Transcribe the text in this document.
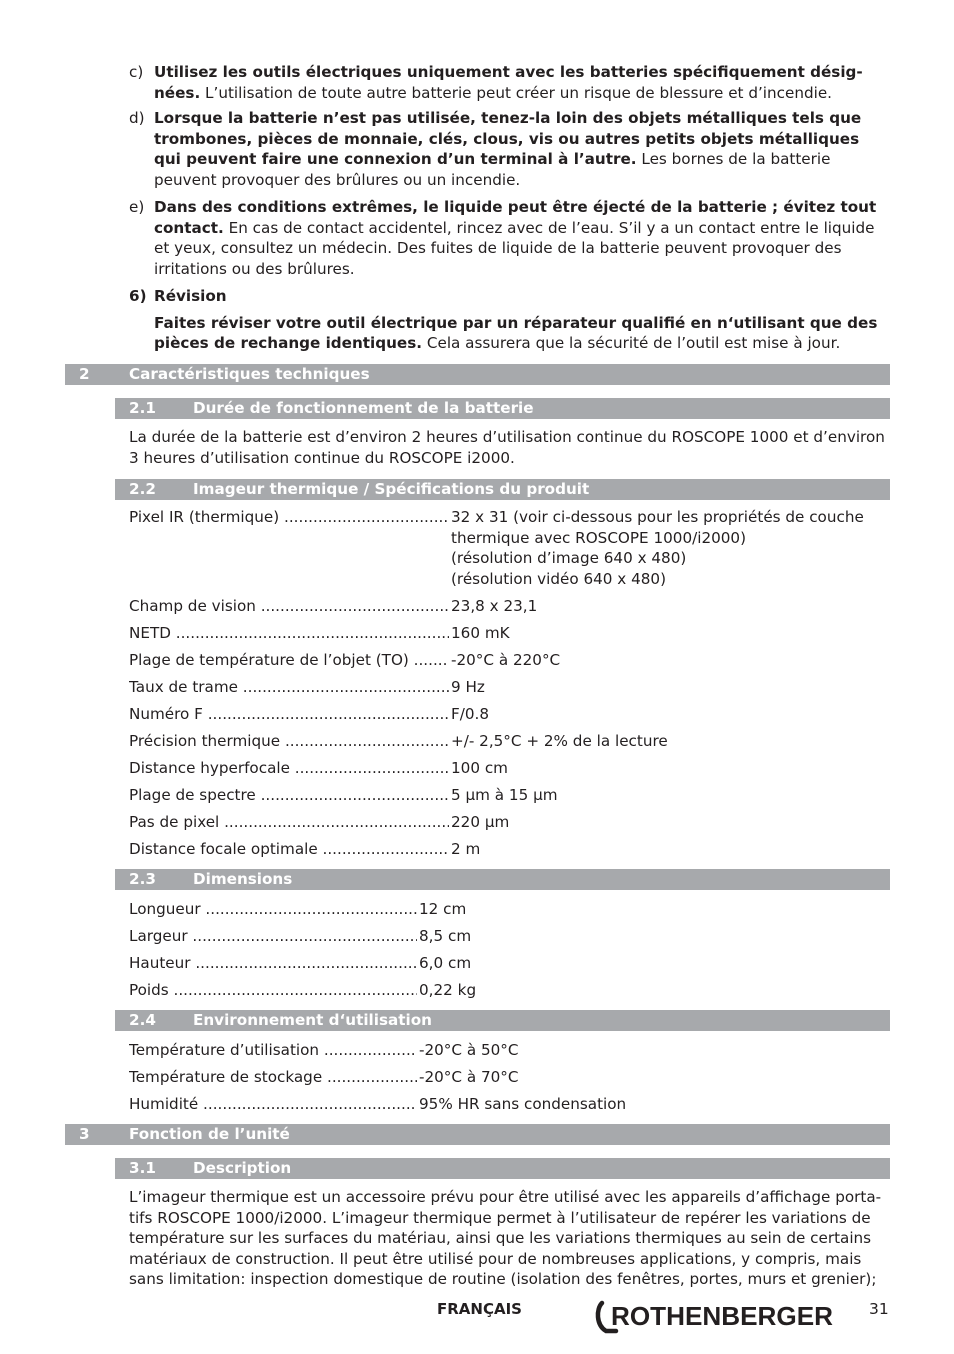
c) Utilisez les outils électriques uniquement avec les batteries spécifiquement désig-nées. L’utilisation de toute autre batterie peut créer un risque de blessure et d’incendie.
d) Lorsque la batterie n’est pas utilisée, tenez-la loin des objets métalliques tels que trombones, pièces de monnaie, clés, clous, vis ou autres petits objets métalliques qui peuvent faire une connexion d’un terminal à l’autre. Les bornes de la batterie peuvent provoquer des brûlures ou un incendie.
e) Dans des conditions extrêmes, le liquide peut être éjecté de la batterie ; évitez tout contact. En cas de contact accidentel, rincez avec de l’eau. S’il y a un contact entre le liquide et yeux, consultez un médecin. Des fuites de liquide de la batterie peuvent provoquer des irritations ou des brûlures.
6) Révision
Faites réviser votre outil électrique par un réparateur qualifié en n‘utilisant que des pièces de rechange identiques. Cela assurera que la sécurité de l’outil est mise à jour.
2	Caractéristiques techniques
2.1 Durée de fonctionnement de la batterie
La durée de la batterie est d’environ 2 heures d’utilisation continue du ROSCOPE 1000 et d’environ 3 heures d’utilisation continue du ROSCOPE i2000.
2.2 Imageur thermique / Spécifications du produit
Pixel IR (thermique) .....	32 x 31 (voir ci-dessous pour les propriétés de couche
thermique avec ROSCOPE 1000/i2000)
(résolution d’image 640 x 480)
(résolution vidéo 640 x 480)
Champ de vision .....	23,8 x 23,1
NETD .....	160 mK
Plage de température de l’objet (TO) .....	-20°C à 220°C
Taux de trame .....	9 Hz
Numéro F .....	F/0.8
Précision thermique .....	+/- 2,5°C + 2% de la lecture
Distance hyperfocale .....	100 cm
Plage de spectre .....	5 µm à 15 µm
Pas de pixel .....	220 µm
Distance focale optimale .....	2 m
2.3 Dimensions
Longueur .....	12 cm
Largeur .....	8,5 cm
Hauteur .....	6,0 cm
Poids .....	0,22 kg
2.4 Environnement d‘utilisation
Température d’utilisation .....	-20°C à 50°C
Température de stockage .....	-20°C à 70°C
Humidité .....	95% HR sans condensation
3	Fonction de l’unité
3.1 Description
L’imageur thermique est un accessoire prévu pour être utilisé avec les appareils d’affichage porta-tifs ROSCOPE 1000/i2000. L’imageur thermique permet à l’utilisateur de repérer les variations de température sur les surfaces du matériau, ainsi que les variations thermiques au sein de certains matériaux de construction. Il peut être utilisé pour de nombreuses applications, y compris, mais sans limitation: inspection domestique de routine (isolation des fenêtres, portes, murs et grenier);
FRANÇAIS	ROTHENBERGER 31
